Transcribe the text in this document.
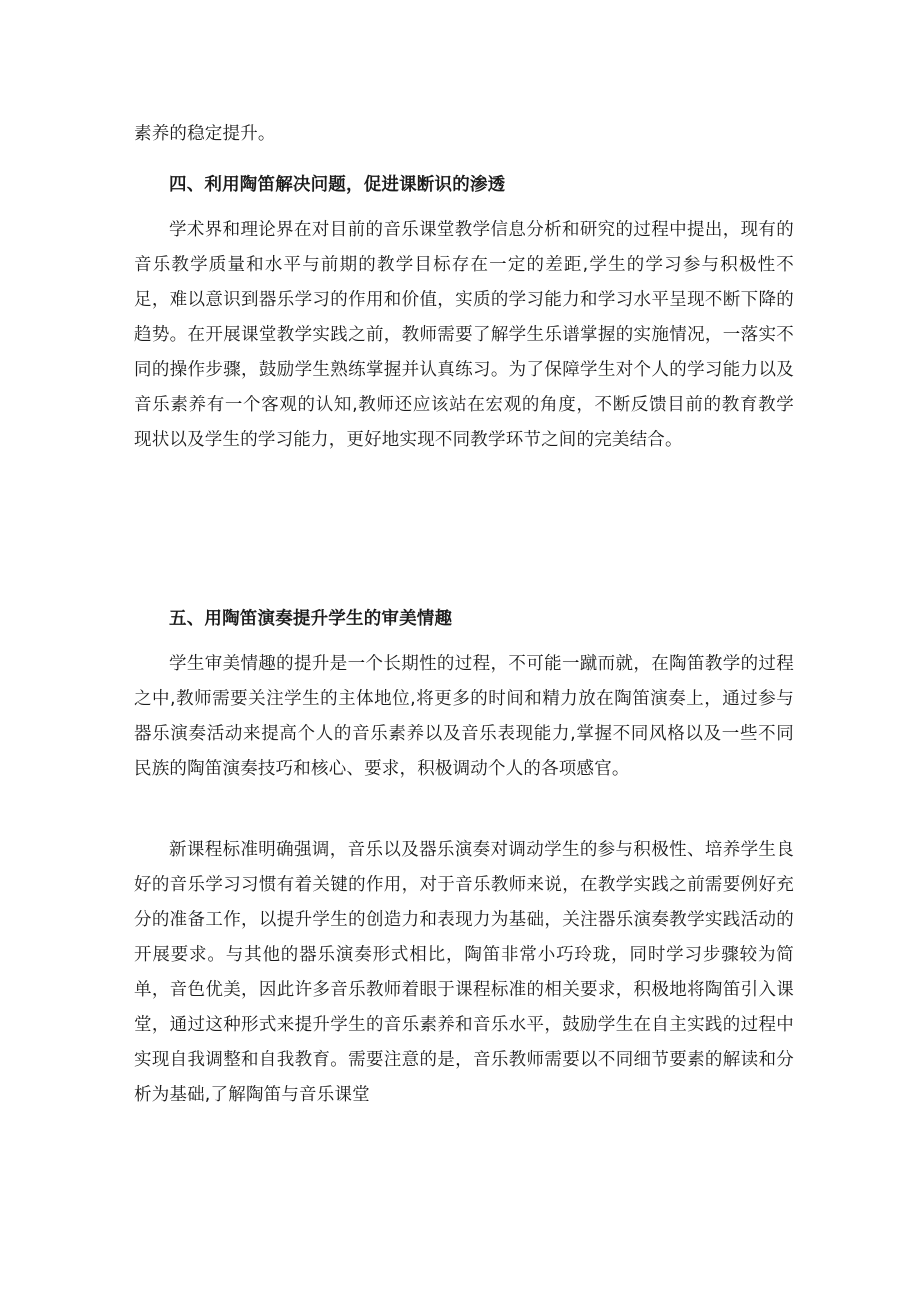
素养的稳定提升。

四、利用陶笛解决问题，促进课断识的渗透

学术界和理论界在对目前的音乐课堂教学信息分析和研究的过程中提出，现有的音乐教学质量和水平与前期的教学目标存在一定的差距,学生的学习参与积极性不足，难以意识到器乐学习的作用和价值，实质的学习能力和学习水平呈现不断下降的趋势。在开展课堂教学实践之前，教师需要了解学生乐谱掌握的实施情况，一落实不同的操作步骤，鼓励学生熟练掌握并认真练习。为了保障学生对个人的学习能力以及音乐素养有一个客观的认知,教师还应该站在宏观的角度，不断反馈目前的教育教学现状以及学生的学习能力，更好地实现不同教学环节之间的完美结合。

五、用陶笛演奏提升学生的审美情趣

学生审美情趣的提升是一个长期性的过程，不可能一蹴而就，在陶笛教学的过程之中,教师需要关注学生的主体地位,将更多的时间和精力放在陶笛演奏上，通过参与器乐演奏活动来提高个人的音乐素养以及音乐表现能力,掌握不同风格以及一些不同民族的陶笛演奏技巧和核心、要求，积极调动个人的各项感官。

新课程标准明确强调，音乐以及器乐演奏对调动学生的参与积极性、培养学生良好的音乐学习习惯有着关键的作用，对于音乐教师来说，在教学实践之前需要例好充分的准备工作，以提升学生的创造力和表现力为基础，关注器乐演奏教学实践活动的开展要求。与其他的器乐演奏形式相比，陶笛非常小巧玲珑，同时学习步骤较为简单，音色优美，因此许多音乐教师着眼于课程标准的相关要求，积极地将陶笛引入课堂，通过这种形式来提升学生的音乐素养和音乐水平，鼓励学生在自主实践的过程中实现自我调整和自我教育。需要注意的是，音乐教师需要以不同细节要素的解读和分析为基础,了解陶笛与音乐课堂
